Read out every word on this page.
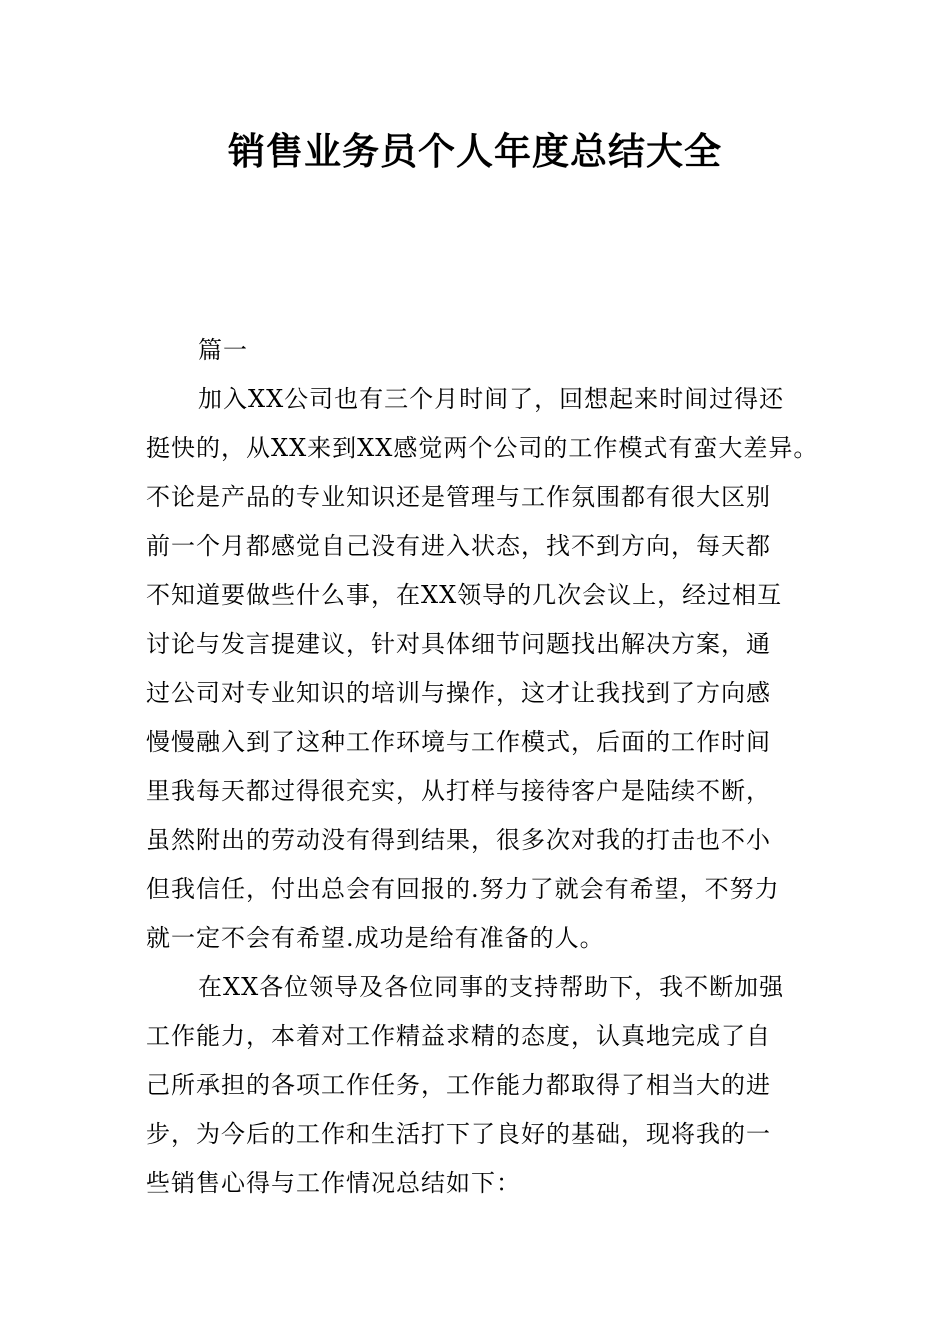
销售业务员个人年度总结大全

篇一

加入XX公司也有三个月时间了，回想起来时间过得还
挺快的，从XX来到XX感觉两个公司的工作模式有蛮大差异。
不论是产品的专业知识还是管理与工作氛围都有很大区别
前一个月都感觉自己没有进入状态，找不到方向，每天都
不知道要做些什么事，在XX领导的几次会议上，经过相互
讨论与发言提建议，针对具体细节问题找出解决方案，通
过公司对专业知识的培训与操作，这才让我找到了方向感
慢慢融入到了这种工作环境与工作模式，后面的工作时间
里我每天都过得很充实，从打样与接待客户是陆续不断，
虽然附出的劳动没有得到结果，很多次对我的打击也不小
但我信任，付出总会有回报的.努力了就会有希望，不努力
就一定不会有希望.成功是给有准备的人。

在XX各位领导及各位同事的支持帮助下，我不断加强
工作能力，本着对工作精益求精的态度，认真地完成了自
己所承担的各项工作任务，工作能力都取得了相当大的进
步，为今后的工作和生活打下了良好的基础，现将我的一
些销售心得与工作情况总结如下：
